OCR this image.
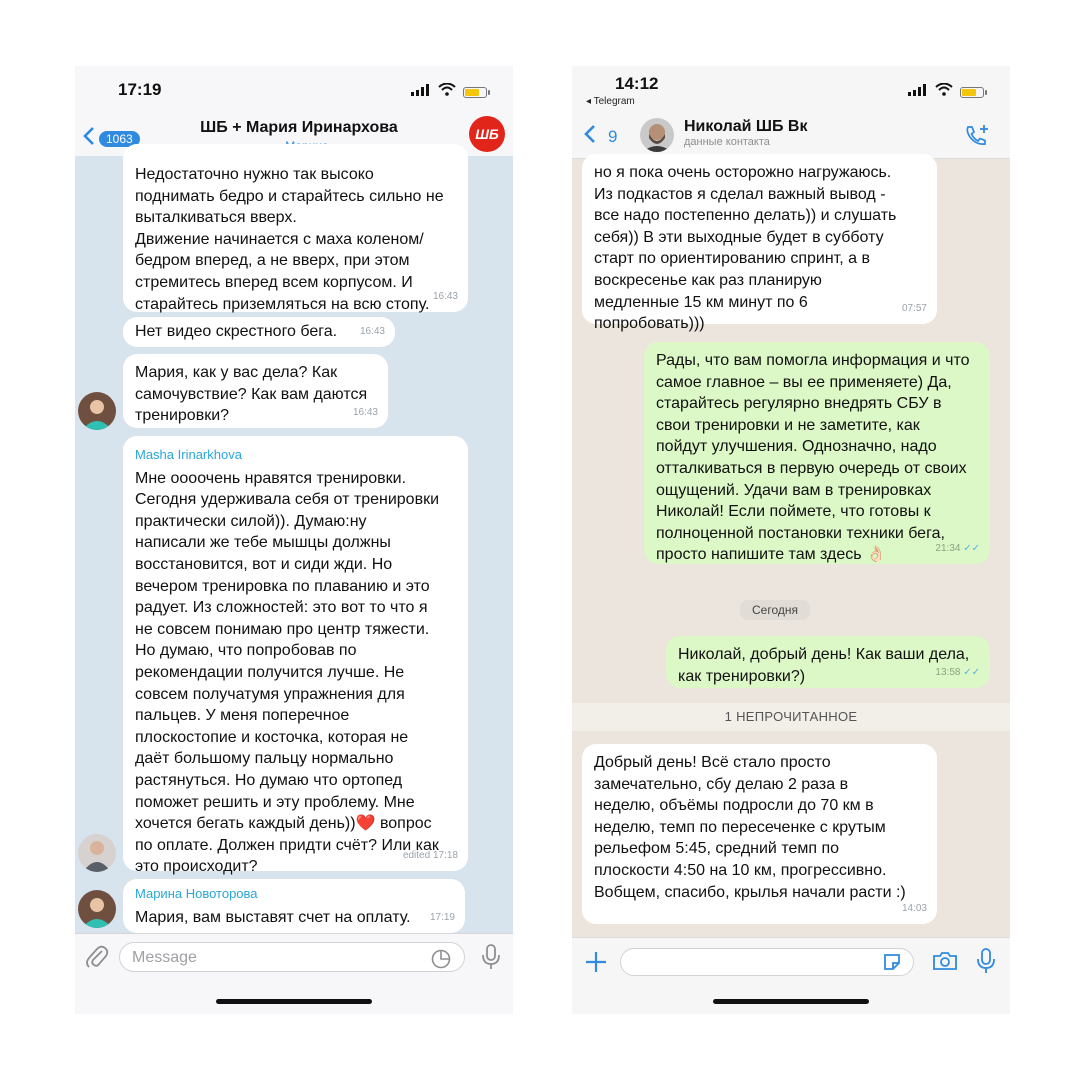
17:19
1063
ШБ + Мария Иринархова	ШБ
Недостаточно нужно так высоко
поднимать бедро и старайтесь сильно не
выталкиваться вверх.
Движение начинается с маха коленом/
бедром вперед, а не вверх, при этом
стремитесь вперед всем корпусом. И
старайтесь приземляться на всю стопу. 16:43
Нет видео скрестного бега.	16:43
Мария, как у вас дела? Как
самочувствие? Как вам даются
тренировки?	16:43
Masha Irinarkhova
Мне оооочень нравятся тренировки.
Сегодня удерживала себя от тренировки
практически силой)). Думаю:ну
написали же тебе мышцы должны
восстановится, вот и сиди жди. Но
вечером тренировка по плаванию и это
радует. Из сложностей: это вот то что я
не совсем понимаю про центр тяжести.
Но думаю, что попробовав по
рекомендации получится лучше. Не
совсем получатумя упражнения для
пальцев. У меня поперечное
плоскостопие и косточка, которая не
даёт большому пальцу нормально
растянуться. Но думаю что ортопед
поможет решить и эту проблему. Мне
хочется бегать каждый день))❤️ вопрос
по оплате. Должен придти счёт? Или как
это происходит?
edited 17:18
Марина Новоторова
Мария, вам выставят счет на оплату.	17:19
Message
14:12
◂ Telegram
9	Николай ШБ Вк
данные контакта
но я пока очень осторожно нагружаюсь.
Из подкастов я сделал важный вывод -
все надо постепенно делать)) и слушать
себя)) В эти выходные будет в субботу
старт по ориентированию спринт, а в
воскресенье как раз планирую
медленные 15 км минут по 6
попробовать)))
07:57
Рады, что вам помогла информация и что
самое главное – вы ее применяете) Да,
старайтесь регулярно внедрять СБУ в
свои тренировки и не заметите, как
пойдут улучшения. Однозначно, надо
отталкиваться в первую очередь от своих
ощущений. Удачи вам в тренировках
Николай! Если поймете, что готовы к
полноценной постановки техники бега,
просто напишите там здесь 👌🏻	21:34 ✓✓
Сегодня
Николай, добрый день! Как ваши дела,
как тренировки?)	13:58 ✓✓
1 НЕПРОЧИТАННОЕ
Добрый день! Всё стало просто
замечательно, сбу делаю 2 раза в
неделю, объёмы подросли до 70 км в
неделю, темп по пересеченке с крутым
рельефом 5:45, средний темп по
плоскости 4:50 на 10 км, прогрессивно.
Вобщем, спасибо, крылья начали расти :)
14:03
